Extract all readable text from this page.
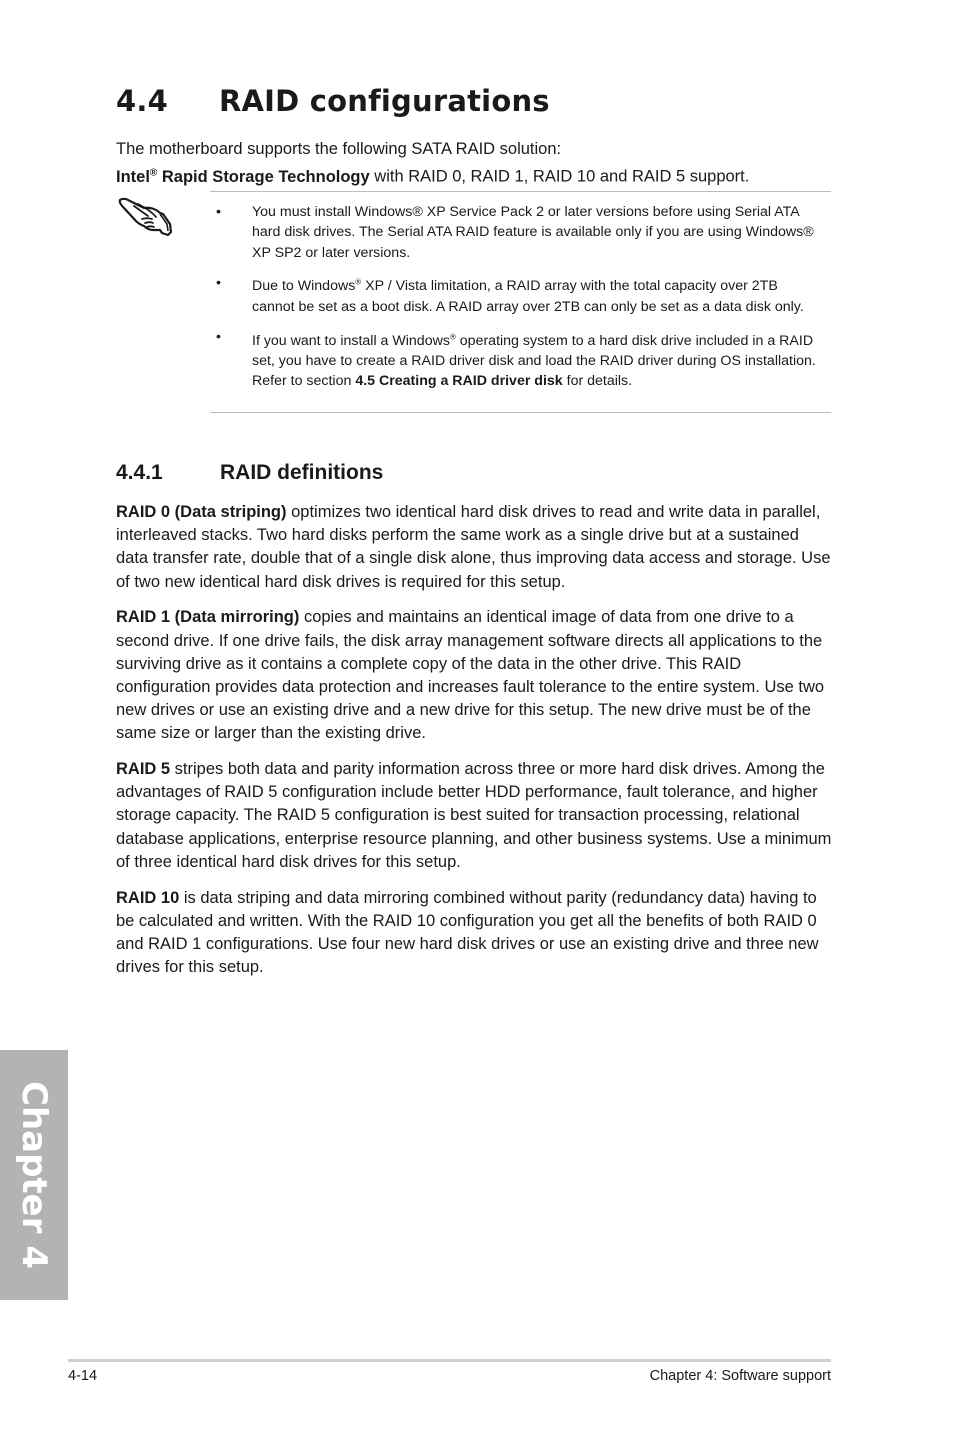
4.4 RAID configurations

The motherboard supports the following SATA RAID solution:

Intel® Rapid Storage Technology with RAID 0, RAID 1, RAID 10 and RAID 5 support.

• You must install Windows® XP Service Pack 2 or later versions before using Serial ATA hard disk drives. The Serial ATA RAID feature is available only if you are using Windows® XP SP2 or later versions.
• Due to Windows® XP / Vista limitation, a RAID array with the total capacity over 2TB cannot be set as a boot disk. A RAID array over 2TB can only be set as a data disk only.
• If you want to install a Windows® operating system to a hard disk drive included in a RAID set, you have to create a RAID driver disk and load the RAID driver during OS installation. Refer to section 4.5 Creating a RAID driver disk for details.
4.4.1	RAID definitions

RAID 0 (Data striping) optimizes two identical hard disk drives to read and write data in parallel, interleaved stacks. Two hard disks perform the same work as a single drive but at a sustained data transfer rate, double that of a single disk alone, thus improving data access and storage. Use of two new identical hard disk drives is required for this setup.

RAID 1 (Data mirroring) copies and maintains an identical image of data from one drive to a second drive. If one drive fails, the disk array management software directs all applications to the surviving drive as it contains a complete copy of the data in the other drive. This RAID configuration provides data protection and increases fault tolerance to the entire system. Use two new drives or use an existing drive and a new drive for this setup. The new drive must be of the same size or larger than the existing drive.

RAID 5 stripes both data and parity information across three or more hard disk drives. Among the advantages of RAID 5 configuration include better HDD performance, fault tolerance, and higher storage capacity. The RAID 5 configuration is best suited for transaction processing, relational database applications, enterprise resource planning, and other business systems. Use a minimum of three identical hard disk drives for this setup.

RAID 10 is data striping and data mirroring combined without parity (redundancy data) having to be calculated and written. With the RAID 10 configuration you get all the benefits of both RAID 0 and RAID 1 configurations. Use four new hard disk drives or use an existing drive and three new drives for this setup.

Chapter 4
4-14	Chapter 4: Software support
